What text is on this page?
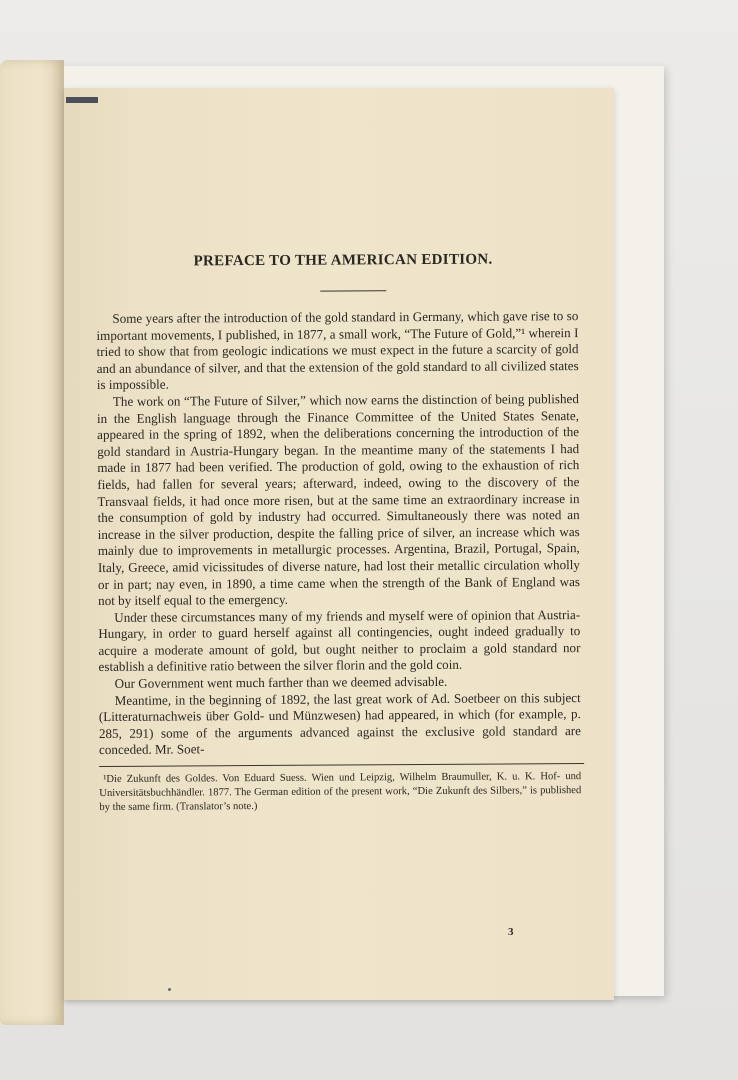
PREFACE TO THE AMERICAN EDITION.

Some years after the introduction of the gold standard in Germany, which gave rise to so important movements, I published, in 1877, a small work, “The Future of Gold,”¹ wherein I tried to show that from geologic indications we must expect in the future a scarcity of gold and an abundance of silver, and that the extension of the gold standard to all civilized states is impossible.

The work on “The Future of Silver,” which now earns the distinction of being published in the English language through the Finance Committee of the United States Senate, appeared in the spring of 1892, when the deliberations concerning the introduction of the gold standard in Austria-Hungary began. In the meantime many of the statements I had made in 1877 had been verified. The production of gold, owing to the exhaustion of rich fields, had fallen for several years; afterward, indeed, owing to the discovery of the Transvaal fields, it had once more risen, but at the same time an extraordinary increase in the consumption of gold by industry had occurred. Simultaneously there was noted an increase in the silver production, despite the falling price of silver, an increase which was mainly due to improvements in metallurgic processes. Argentina, Brazil, Portugal, Spain, Italy, Greece, amid vicissitudes of diverse nature, had lost their metallic circulation wholly or in part; nay even, in 1890, a time came when the strength of the Bank of England was not by itself equal to the emergency.

Under these circumstances many of my friends and myself were of opinion that Austria-Hungary, in order to guard herself against all contingencies, ought indeed gradually to acquire a moderate amount of gold, but ought neither to proclaim a gold standard nor establish a definitive ratio between the silver florin and the gold coin.

Our Government went much farther than we deemed advisable.

Meantime, in the beginning of 1892, the last great work of Ad. Soetbeer on this subject (Litteraturnachweis über Gold- und Münzwesen) had appeared, in which (for example, p. 285, 291) some of the arguments advanced against the exclusive gold standard are conceded. Mr. Soet-

¹Die Zukunft des Goldes. Von Eduard Suess. Wien und Leipzig, Wilhelm Braumuller, K. u. K. Hof- und Universitätsbuchhändler. 1877. The German edition of the present work, “Die Zukunft des Silbers,” is published by the same firm. (Translator’s note.)

3
